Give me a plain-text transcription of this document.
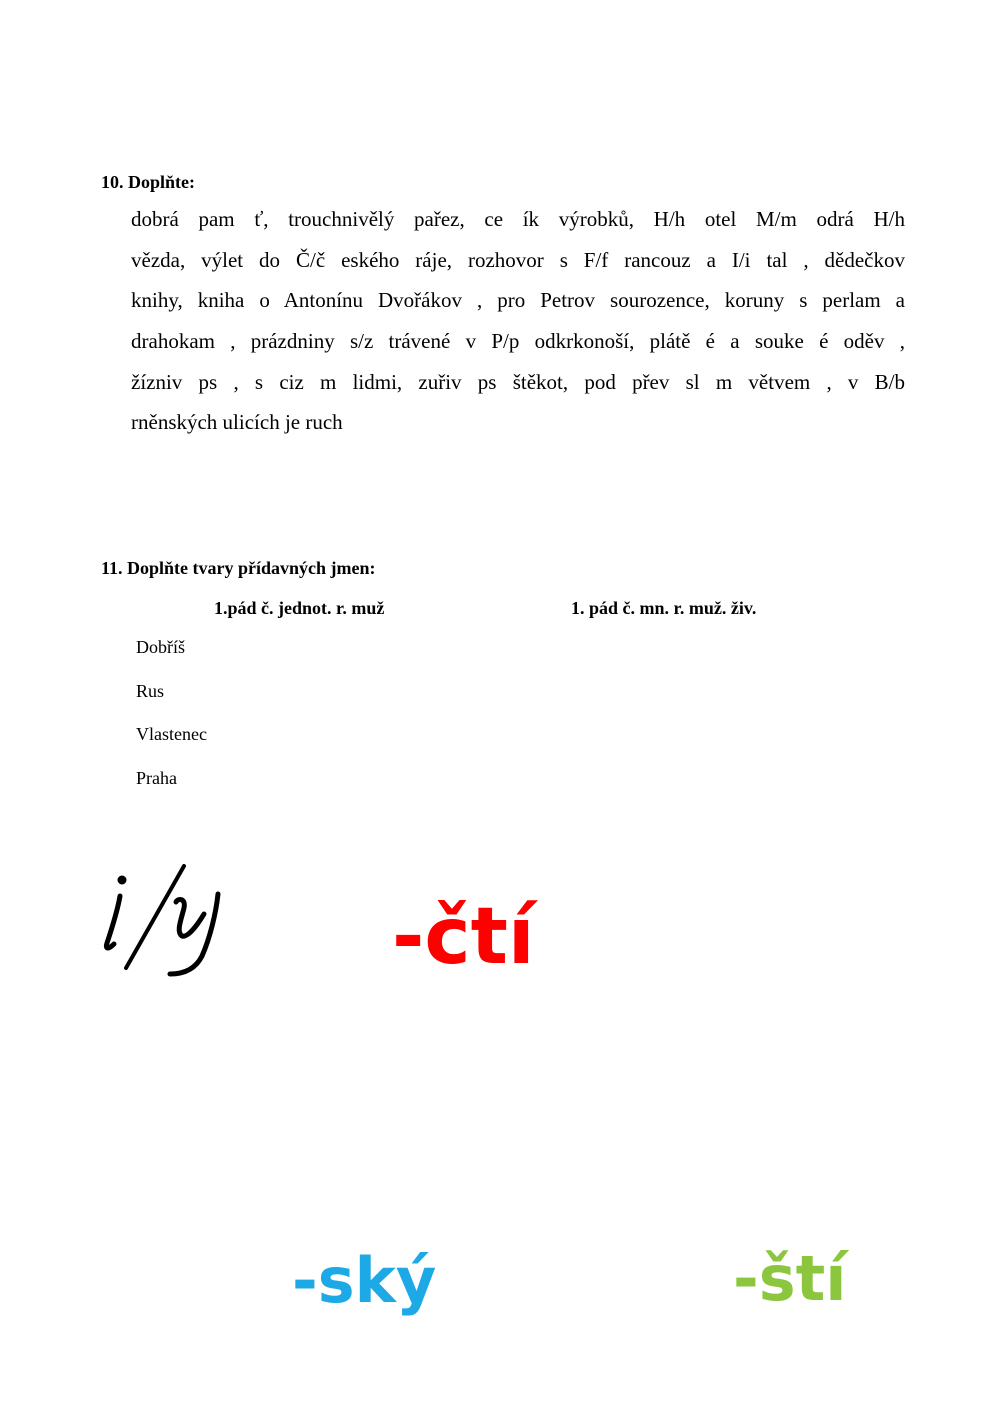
10. Doplňte:
dobrá pam ť, trouchnivělý pařez, ce ík výrobků, H/h otel M/m odrá H/h
vězda, výlet do Č/č eského ráje, rozhovor s F/f rancouz a I/i tal , dědečkov
knihy, kniha o Antonínu Dvořákov , pro Petrov sourozence, koruny s perlam a
drahokam , prázdniny s/z trávené v P/p odkrkonoší, plátě é a souke é oděv ,
žízniv ps , s ciz m lidmi, zuřiv ps štěkot, pod přev sl m větvem , v B/b
rněnských ulicích je ruch
11. Doplňte tvary přídavných jmen:
1.pád č. jednot. r. muž	1. pád č. mn. r. muž. živ.
Dobříš
Rus
Vlastenec
Praha
-čtí
-ský	-ští
